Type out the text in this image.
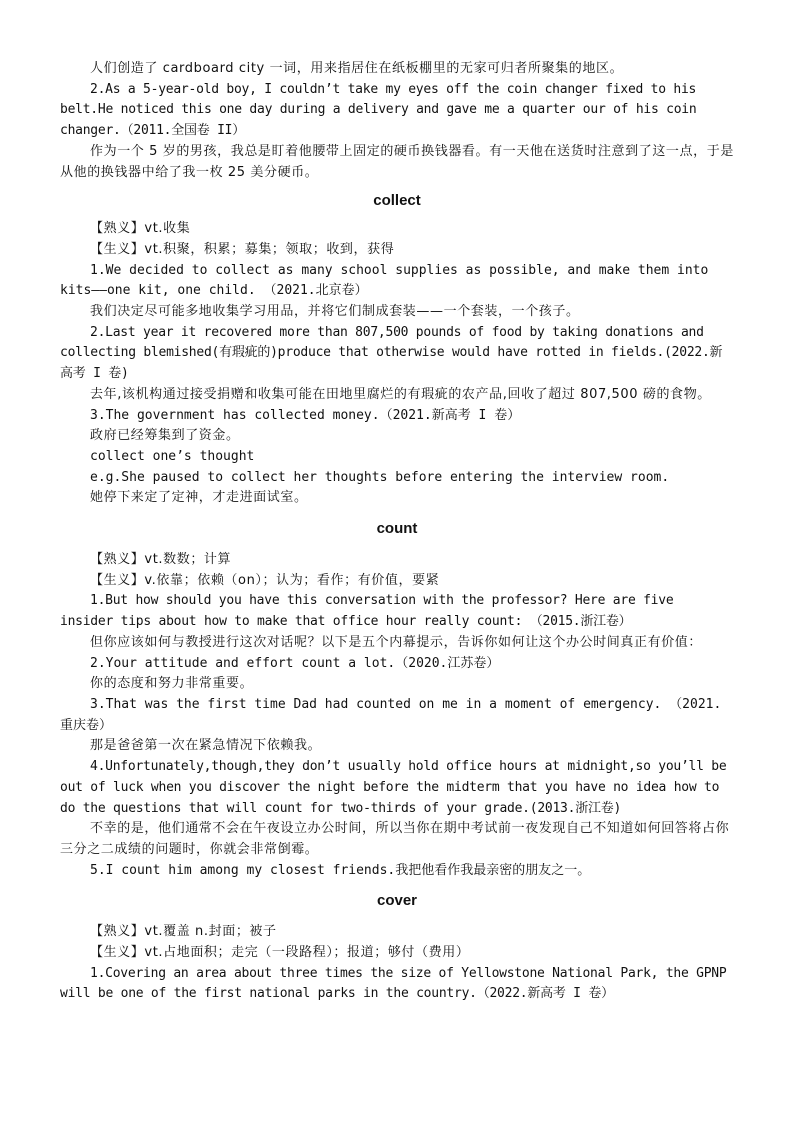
人们创造了 cardboard city 一词，用来指居住在纸板棚里的无家可归者所聚集的地区。

2.As a 5-year-old boy, I couldn’t take my eyes off the coin changer fixed to his belt.He noticed this one day during a delivery and gave me a quarter our of his coin changer.（2011.全国卷 II）

作为一个 5 岁的男孩，我总是盯着他腰带上固定的硬币换钱器看。有一天他在送货时注意到了这一点，于是从他的换钱器中给了我一枚 25 美分硬币。

collect

【熟义】vt.收集

【生义】vt.积聚，积累；募集；领取；收到，获得

1.We decided to collect as many school supplies as possible, and make them into kits——one kit, one child. （2021.北京卷）

我们决定尽可能多地收集学习用品，并将它们制成套装——一个套装，一个孩子。

2.Last year it recovered more than 807,500 pounds of food by taking donations and collecting blemished(有瑕疵的)produce that otherwise would have rotted in fields.(2022.新高考 I 卷)

去年,该机构通过接受捐赠和收集可能在田地里腐烂的有瑕疵的农产品,回收了超过 807,500 磅的食物。

3.The government has collected money.（2021.新高考 I 卷）

政府已经筹集到了资金。

collect one’s thought

e.g.She paused to collect her thoughts before entering the interview room.

她停下来定了定神，才走进面试室。

count

【熟义】vt.数数；计算

【生义】v.依靠；依赖（on）；认为；看作；有价值，要紧

1.But how should you have this conversation with the professor? Here are five insider tips about how to make that office hour really count: （2015.浙江卷）

但你应该如何与教授进行这次对话呢？以下是五个内幕提示，告诉你如何让这个办公时间真正有价值：

2.Your attitude and effort count a lot.（2020.江苏卷）

你的态度和努力非常重要。

3.That was the first time Dad had counted on me in a moment of emergency. （2021.重庆卷）

那是爸爸第一次在紧急情况下依赖我。

4.Unfortunately,though,they don’t usually hold office hours at midnight,so you’ll be out of luck when you discover the night before the midterm that you have no idea how to do the questions that will count for two-thirds of your grade.(2013.浙江卷)

不幸的是，他们通常不会在午夜设立办公时间，所以当你在期中考试前一夜发现自己不知道如何回答将占你三分之二成绩的问题时，你就会非常倒霉。

5.I count him among my closest friends.我把他看作我最亲密的朋友之一。

cover

【熟义】vt.覆盖 n.封面；被子

【生义】vt.占地面积；走完（一段路程）；报道；够付（费用）

1.Covering an area about three times the size of Yellowstone National Park, the GPNP will be one of the first national parks in the country.（2022.新高考 I 卷）
